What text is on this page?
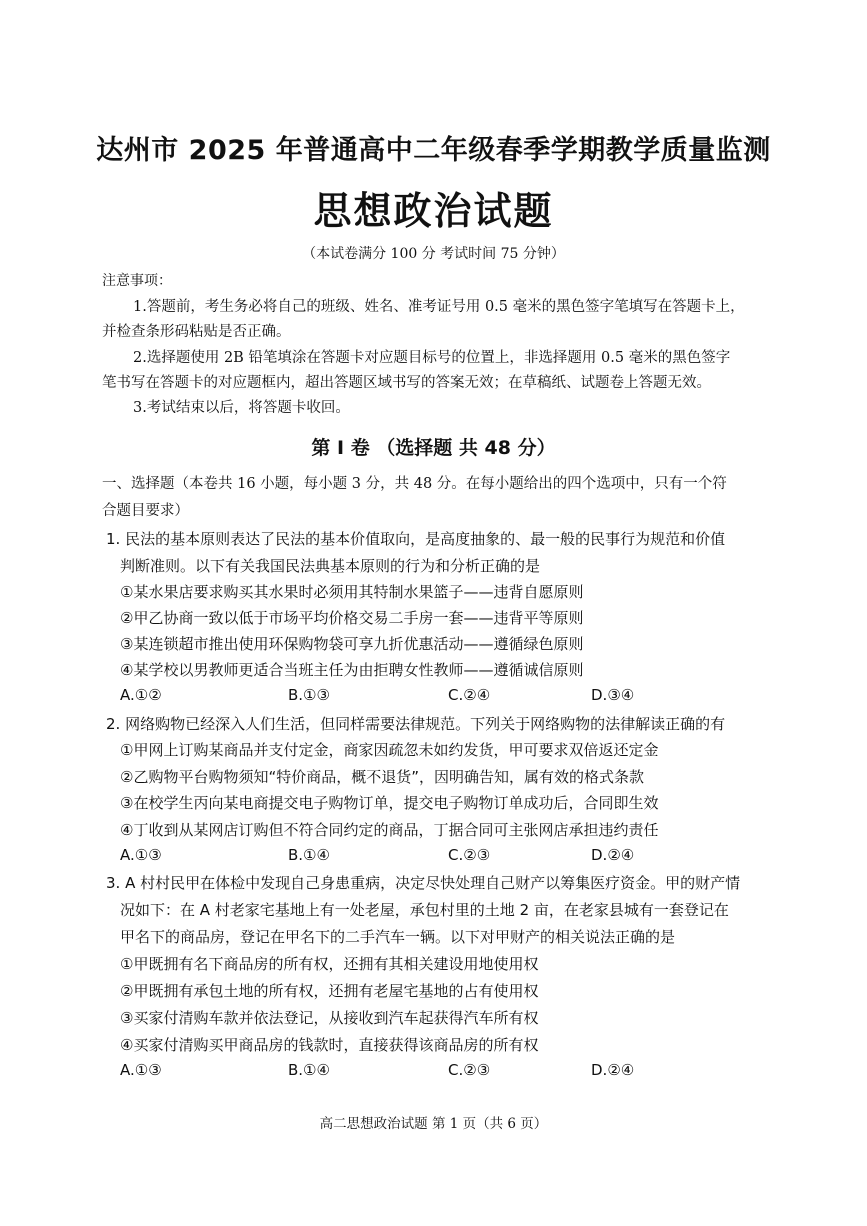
达州市 2025 年普通高中二年级春季学期教学质量监测
思想政治试题
（本试卷满分 100 分 考试时间 75 分钟）
注意事项：
1.答题前，考生务必将自己的班级、姓名、准考证号用 0.5 毫米的黑色签字笔填写在答题卡上，
并检查条形码粘贴是否正确。
2.选择题使用 2B 铅笔填涂在答题卡对应题目标号的位置上，非选择题用 0.5 毫米的黑色签字
笔书写在答题卡的对应题框内，超出答题区域书写的答案无效；在草稿纸、试题卷上答题无效。
3.考试结束以后，将答题卡收回。
第 I 卷 （选择题 共 48 分）
一、选择题（本卷共 16 小题，每小题 3 分，共 48 分。在每小题给出的四个选项中，只有一个符
合题目要求）
1. 民法的基本原则表达了民法的基本价值取向，是高度抽象的、最一般的民事行为规范和价值
判断准则。以下有关我国民法典基本原则的行为和分析正确的是
①某水果店要求购买其水果时必须用其特制水果篮子——违背自愿原则
②甲乙协商一致以低于市场平均价格交易二手房一套——违背平等原则
③某连锁超市推出使用环保购物袋可享九折优惠活动——遵循绿色原则
④某学校以男教师更适合当班主任为由拒聘女性教师——遵循诚信原则
A.①②	B.①③	C.②④	D.③④
2. 网络购物已经深入人们生活，但同样需要法律规范。下列关于网络购物的法律解读正确的有
①甲网上订购某商品并支付定金，商家因疏忽未如约发货，甲可要求双倍返还定金
②乙购物平台购物须知“特价商品，概不退货”，因明确告知，属有效的格式条款
③在校学生丙向某电商提交电子购物订单，提交电子购物订单成功后，合同即生效
④丁收到从某网店订购但不符合同约定的商品，丁据合同可主张网店承担违约责任
A.①③	B.①④	C.②③	D.②④
3. A 村村民甲在体检中发现自己身患重病，决定尽快处理自己财产以筹集医疗资金。甲的财产情
况如下：在 A 村老家宅基地上有一处老屋，承包村里的土地 2 亩，在老家县城有一套登记在
甲名下的商品房，登记在甲名下的二手汽车一辆。以下对甲财产的相关说法正确的是
①甲既拥有名下商品房的所有权，还拥有其相关建设用地使用权
②甲既拥有承包土地的所有权，还拥有老屋宅基地的占有使用权
③买家付清购车款并依法登记，从接收到汽车起获得汽车所有权
④买家付清购买甲商品房的钱款时，直接获得该商品房的所有权
A.①③	B.①④	C.②③	D.②④
高二思想政治试题 第 1 页（共 6 页）
